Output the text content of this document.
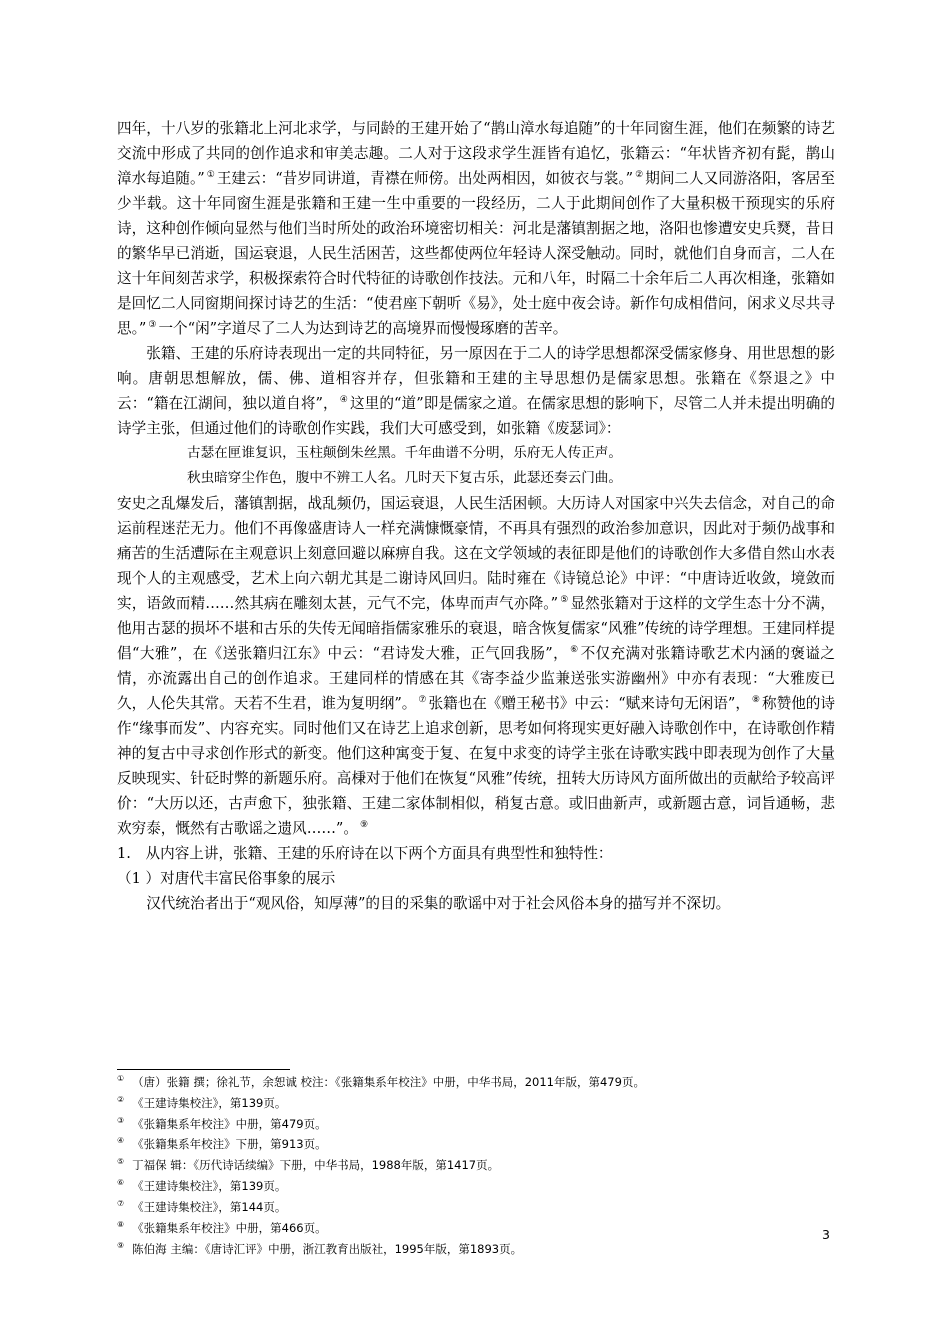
四年，十八岁的张籍北上河北求学，与同龄的王建开始了“鹊山漳水每追随”的十年同窗生涯，他们在频繁的诗艺交流中形成了共同的创作追求和审美志趣。二人对于这段求学生涯皆有追忆，张籍云：“年状皆齐初有髭，鹊山漳水每追随。” ① 王建云：“昔岁同讲道，青襟在师傍。出处两相因，如彼衣与裳。” ② 期间二人又同游洛阳，客居至少半载。这十年同窗生涯是张籍和王建一生中重要的一段经历，二人于此期间创作了大量积极干预现实的乐府诗，这种创作倾向显然与他们当时所处的政治环境密切相关：河北是藩镇割据之地，洛阳也惨遭安史兵燹，昔日的繁华早已消逝，国运衰退，人民生活困苦，这些都使两位年轻诗人深受触动。同时，就他们自身而言，二人在这十年间刻苦求学，积极探索符合时代特征的诗歌创作技法。元和八年，时隔二十余年后二人再次相逢，张籍如是回忆二人同窗期间探讨诗艺的生活：“使君座下朝听《易》，处士庭中夜会诗。新作句成相借问，闲求义尽共寻思。” ③ 一个“闲”字道尽了二人为达到诗艺的高境界而慢慢琢磨的苦辛。

张籍、王建的乐府诗表现出一定的共同特征，另一原因在于二人的诗学思想都深受儒家修身、用世思想的影响。唐朝思想解放，儒、佛、道相容并存，但张籍和王建的主导思想仍是儒家思想。张籍在《祭退之》中云：“籍在江湖间，独以道自将”， ④ 这里的“道”即是儒家之道。在儒家思想的影响下，尽管二人并未提出明确的诗学主张，但通过他们的诗歌创作实践，我们大可感受到，如张籍《废瑟词》：

古瑟在匣谁复识，玉柱颠倒朱丝黑。千年曲谱不分明，乐府无人传正声。

秋虫暗穿尘作色，腹中不辨工人名。几时天下复古乐，此瑟还奏云门曲。

安史之乱爆发后，藩镇割据，战乱频仍，国运衰退，人民生活困顿。大历诗人对国家中兴失去信念，对自己的命运前程迷茫无力。他们不再像盛唐诗人一样充满慷慨豪情，不再具有强烈的政治参加意识，因此对于频仍战事和痛苦的生活遭际在主观意识上刻意回避以麻痹自我。这在文学领域的表征即是他们的诗歌创作大多借自然山水表现个人的主观感受，艺术上向六朝尤其是二谢诗风回归。陆时雍在《诗镜总论》中评：“中唐诗近收敛，境敛而实，语敛而精……然其病在雕刻太甚，元气不完，体卑而声气亦降。” ⑤ 显然张籍对于这样的文学生态十分不满，他用古瑟的损坏不堪和古乐的失传无闻暗指儒家雅乐的衰退，暗含恢复儒家“风雅”传统的诗学理想。王建同样提倡“大雅”，在《送张籍归江东》中云：“君诗发大雅，正气回我肠”， ⑥ 不仅充满对张籍诗歌艺术内涵的褒谥之情，亦流露出自己的创作追求。王建同样的情感在其《寄李益少监兼送张实游幽州》中亦有表现：“大雅废已久，人伦失其常。天若不生君，谁为复明纲”。 ⑦ 张籍也在《赠王秘书》中云：“赋来诗句无闲语”， ⑧ 称赞他的诗作“缘事而发”、内容充实。同时他们又在诗艺上追求创新，思考如何将现实更好融入诗歌创作中，在诗歌创作精神的复古中寻求创作形式的新变。他们这种寓变于复、在复中求变的诗学主张在诗歌实践中即表现为创作了大量反映现实、针砭时弊的新题乐府。高棅对于他们在恢复“风雅”传统，扭转大历诗风方面所做出的贡献给予较高评价：“大历以还，古声愈下，独张籍、王建二家体制相似，稍复古意。或旧曲新声，或新题古意，词旨通畅，悲欢穷泰，慨然有古歌谣之遗风……”。 ⑨

1.　从内容上讲，张籍、王建的乐府诗在以下两个方面具有典型性和独特性：

（1 ）对唐代丰富民俗事象的展示

汉代统治者出于“观风俗，知厚薄”的目的采集的歌谣中对于社会风俗本身的描写并不深切。

① （唐）张籍 撰；徐礼节，余恕诚 校注：《张籍集系年校注》中册，中华书局，2011年版，第479页。

② 《王建诗集校注》，第139页。

③ 《张籍集系年校注》中册，第479页。

④ 《张籍集系年校注》下册，第913页。

⑤ 丁福保 辑：《历代诗话续编》下册，中华书局，1988年版，第1417页。

⑥ 《王建诗集校注》，第139页。

⑦ 《王建诗集校注》，第144页。

⑧ 《张籍集系年校注》中册，第466页。

⑨ 陈伯海 主编：《唐诗汇评》中册，浙江教育出版社，1995年版，第1893页。

3
